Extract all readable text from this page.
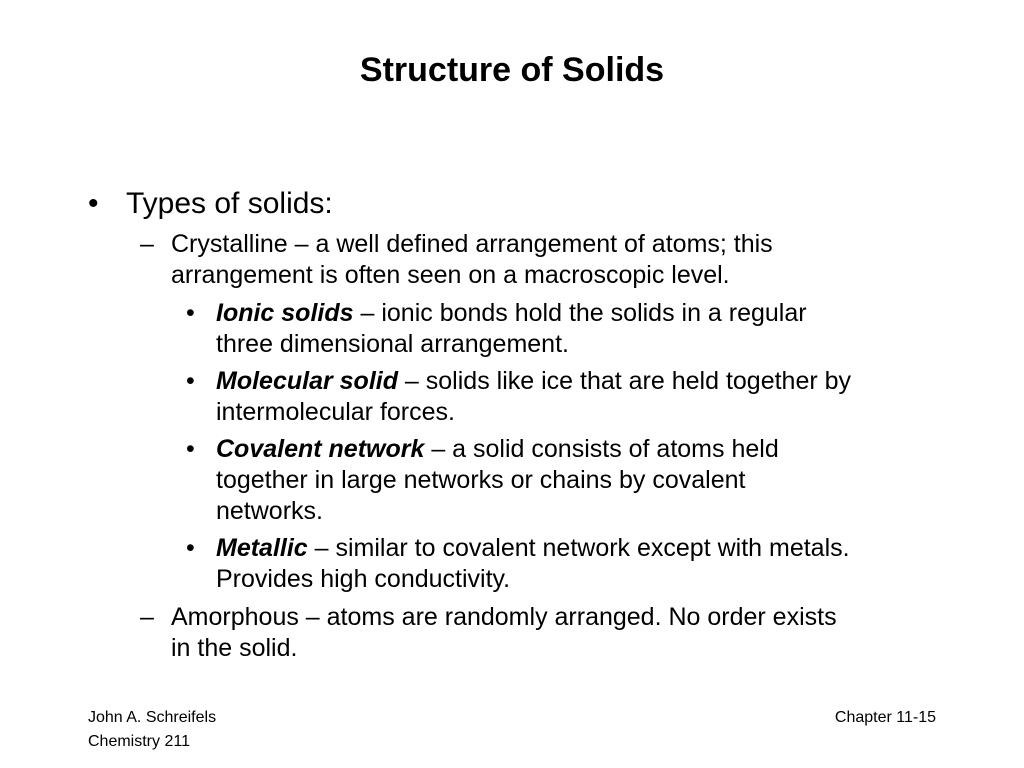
Structure of Solids
• Types of solids:
– Crystalline – a well defined arrangement of atoms; this
arrangement is often seen on a macroscopic level.
• Ionic solids – ionic bonds hold the solids in a regular
three dimensional arrangement.
• Molecular solid – solids like ice that are held together by
intermolecular forces.
• Covalent network – a solid consists of atoms held
together in large networks or chains by covalent
networks.
• Metallic – similar to covalent network except with metals.
Provides high conductivity.
– Amorphous – atoms are randomly arranged. No order exists
in the solid.
John A. Schreifels
Chemistry 211
Chapter 11-15
